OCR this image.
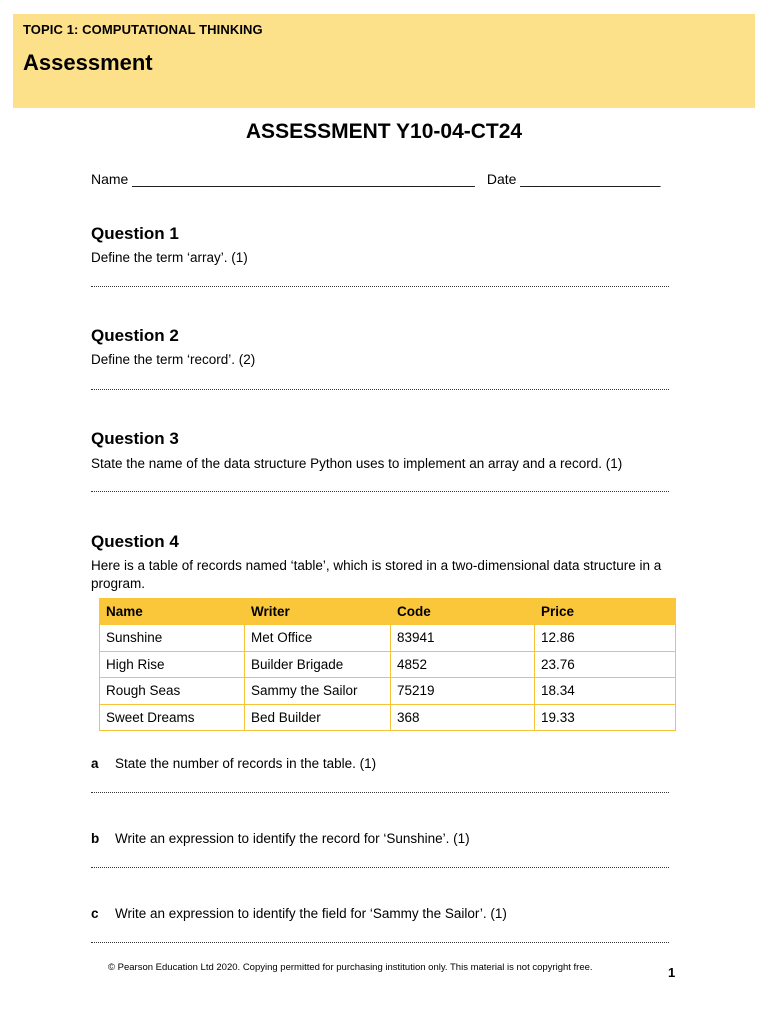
TOPIC 1: COMPUTATIONAL THINKING
Assessment
ASSESSMENT Y10-04-CT24
Name ____________________________________________ Date __________________
Question 1
Define the term ‘array’. (1)
Question 2
Define the term ‘record’. (2)
Question 3
State the name of the data structure Python uses to implement an array and a record. (1)
Question 4
Here is a table of records named ‘table’, which is stored in a two-dimensional data structure in a program.
Name	Writer	Code	Price
Sunshine	Met Office	83941	12.86
High Rise	Builder Brigade	4852	23.76
Rough Seas	Sammy the Sailor	75219	18.34
Sweet Dreams	Bed Builder	368	19.33
a State the number of records in the table. (1)
b Write an expression to identify the record for ‘Sunshine’. (1)
c Write an expression to identify the field for ‘Sammy the Sailor’. (1)
© Pearson Education Ltd 2020. Copying permitted for purchasing institution only. This material is not copyright free.	1
